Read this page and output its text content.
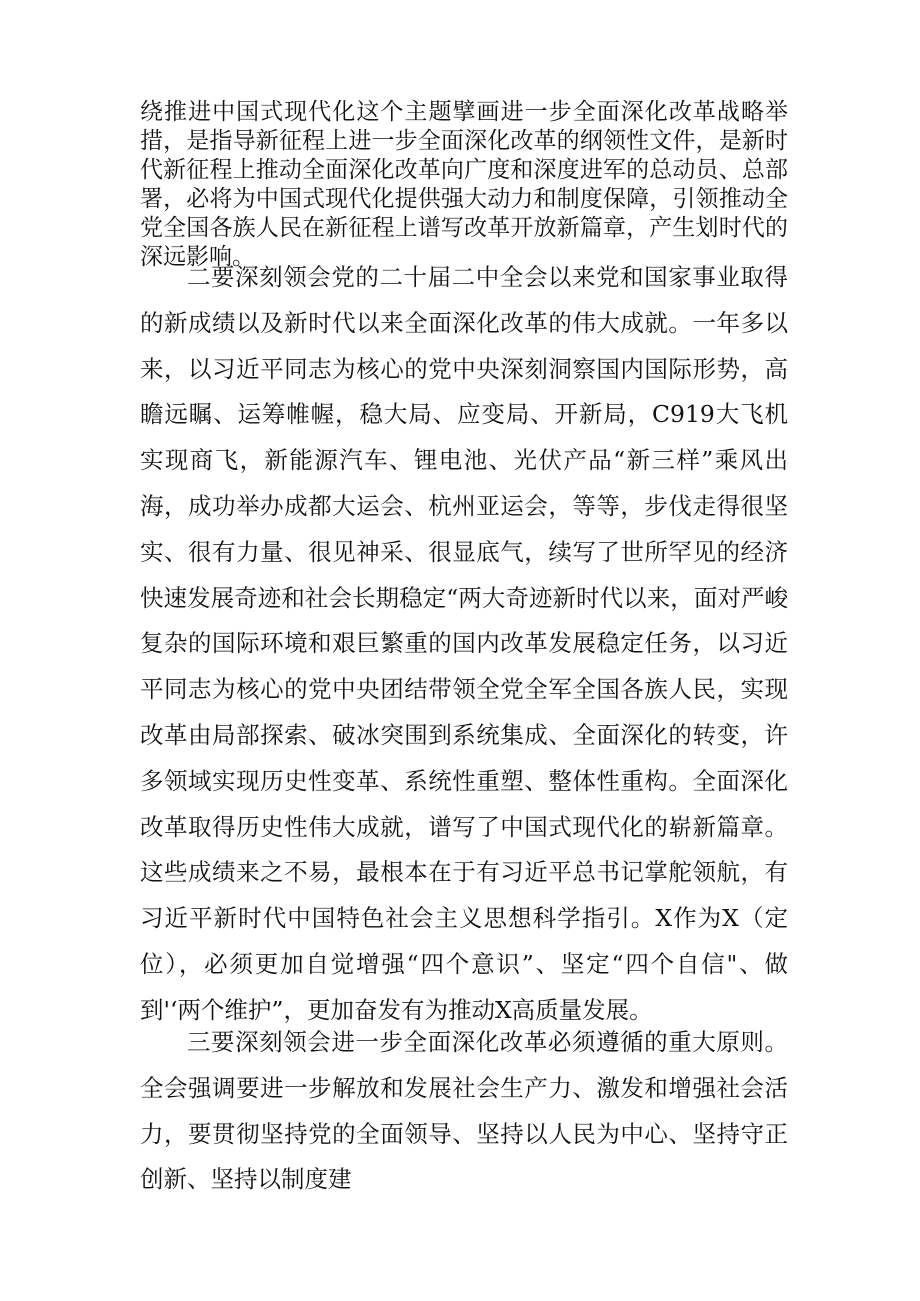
绕推进中国式现代化这个主题擘画进一步全面深化改革战略举措，是指导新征程上进一步全面深化改革的纲领性文件，是新时代新征程上推动全面深化改革向广度和深度进军的总动员、总部署，必将为中国式现代化提供强大动力和制度保障，引领推动全党全国各族人民在新征程上谱写改革开放新篇章，产生划时代的深远影响。

二要深刻领会党的二十届二中全会以来党和国家事业取得的新成绩以及新时代以来全面深化改革的伟大成就。一年多以来，以习近平同志为核心的党中央深刻洞察国内国际形势，高瞻远瞩、运筹帷幄，稳大局、应变局、开新局，C919大飞机实现商飞，新能源汽车、锂电池、光伏产品“新三样”乘风出海，成功举办成都大运会、杭州亚运会，等等，步伐走得很坚实、很有力量、很见神采、很显底气，续写了世所罕见的经济快速发展奇迹和社会长期稳定“两大奇迹新时代以来，面对严峻复杂的国际环境和艰巨繁重的国内改革发展稳定任务，以习近平同志为核心的党中央团结带领全党全军全国各族人民，实现改革由局部探索、破冰突围到系统集成、全面深化的转变，许多领域实现历史性变革、系统性重塑、整体性重构。全面深化改革取得历史性伟大成就，谱写了中国式现代化的崭新篇章。这些成绩来之不易，最根本在于有习近平总书记掌舵领航，有习近平新时代中国特色社会主义思想科学指引。X作为X（定位），必须更加自觉增强“四个意识”、坚定“四个自信"、做到'‘两个维护”，更加奋发有为推动X高质量发展。

三要深刻领会进一步全面深化改革必须遵循的重大原则。全会强调要进一步解放和发展社会生产力、激发和增强社会活力，要贯彻坚持党的全面领导、坚持以人民为中心、坚持守正创新、坚持以制度建
